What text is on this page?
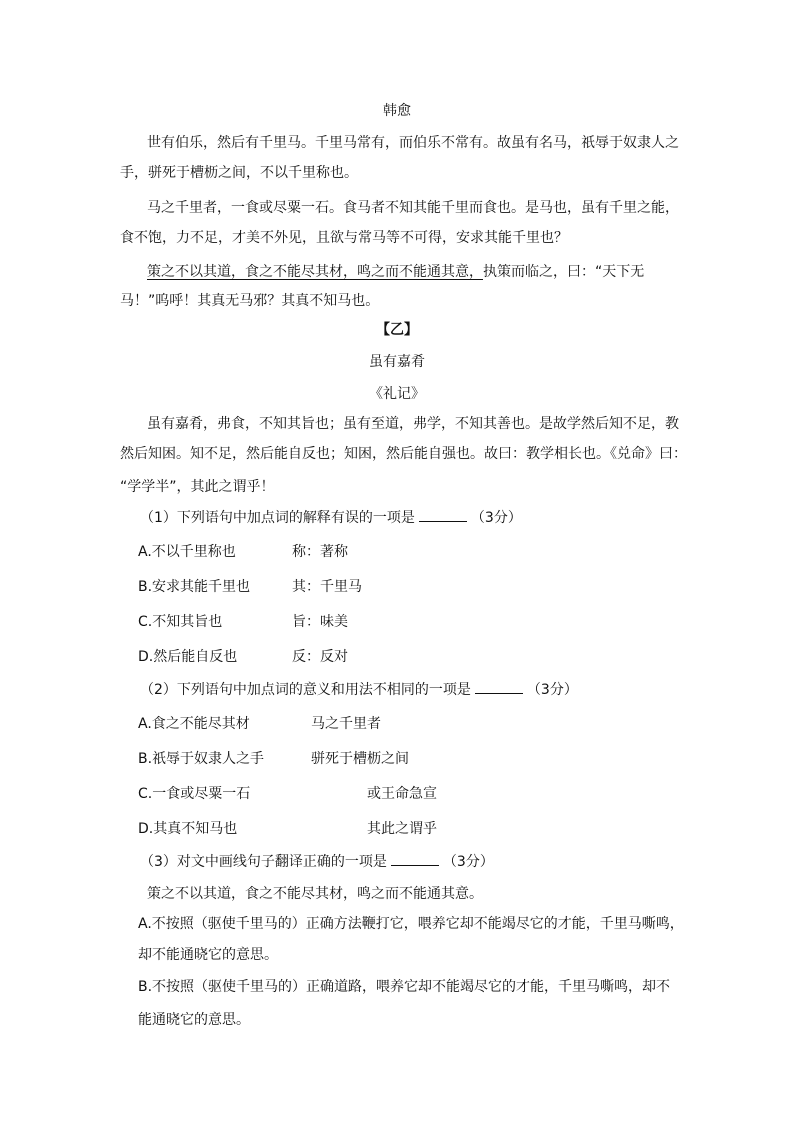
韩愈
世有伯乐，然后有千里马。千里马常有，而伯乐不常有。故虽有名马，祇辱于奴隶人之
手，骈死于槽枥之间，不以千里称也。
马之千里者，一食或尽粟一石。食马者不知其能千里而食也。是马也，虽有千里之能，
食不饱，力不足，才美不外见，且欲与常马等不可得，安求其能千里也？
策之不以其道，食之不能尽其材，鸣之而不能通其意，执策而临之，曰：“天下无
马！”呜呼！其真无马邪？其真不知马也。
【乙】
虽有嘉肴
《礼记》
虽有嘉肴，弗食，不知其旨也；虽有至道，弗学，不知其善也。是故学然后知不足，教
然后知困。知不足，然后能自反也；知困，然后能自强也。故曰：教学相长也。《兑命》曰：
“学学半”，其此之谓乎！
（1）下列语句中加点词的解释有误的一项是	（3分）
A.不以千里称也	称：著称
B.安求其能千里也	其：千里马
C.不知其旨也	旨：味美
D.然后能自反也	反：反对
（2）下列语句中加点词的意义和用法不相同的一项是	（3分）
A.食之不能尽其材	马之千里者
B.祇辱于奴隶人之手	骈死于槽枥之间
C.一食或尽粟一石	或王命急宣
D.其真不知马也	其此之谓乎
（3）对文中画线句子翻译正确的一项是	（3分）
策之不以其道，食之不能尽其材，鸣之而不能通其意。
A.不按照（驱使千里马的）正确方法鞭打它，喂养它却不能竭尽它的才能，千里马嘶鸣，
却不能通晓它的意思。
B.不按照（驱使千里马的）正确道路，喂养它却不能竭尽它的才能，千里马嘶鸣，却不
能通晓它的意思。
